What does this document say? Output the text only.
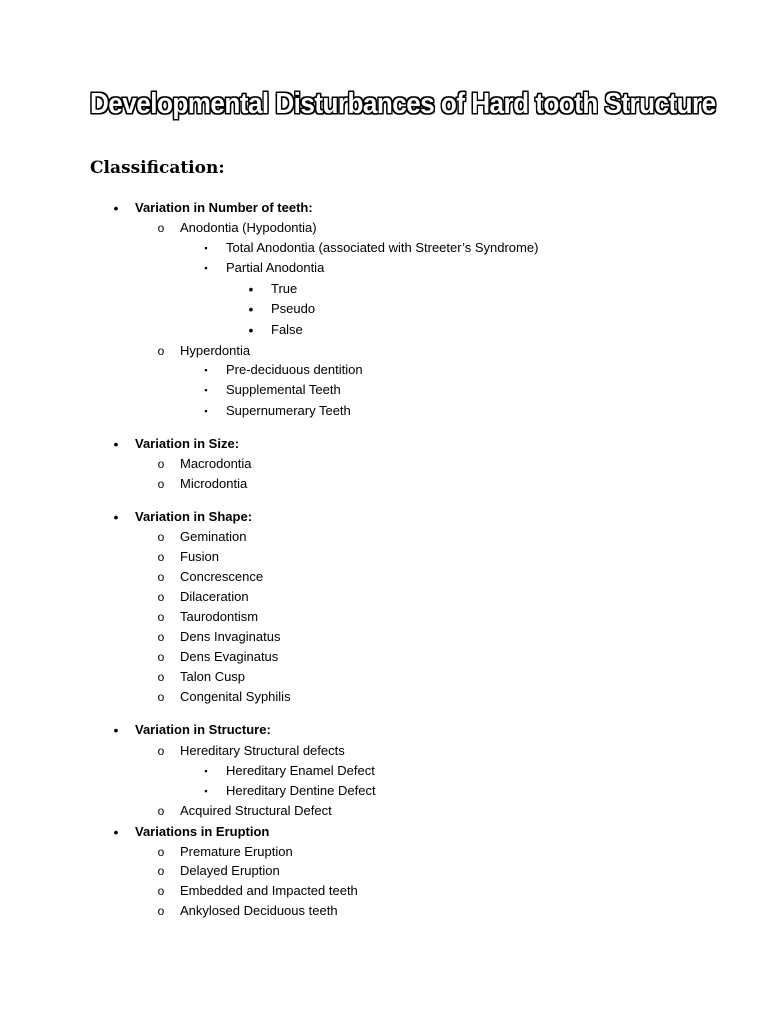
Developmental Disturbances of Hard tooth Structure
Classification:
•	Variation in Number of teeth:
o	Anodontia (Hypodontia)
▪	Total Anodontia (associated with Streeter’s Syndrome)
▪	Partial Anodontia
•	True
•	Pseudo
•	False
o	Hyperdontia
▪	Pre-deciduous dentition
▪	Supplemental Teeth
▪	Supernumerary Teeth
•	Variation in Size:
o	Macrodontia
o	Microdontia
•	Variation in Shape:
o	Gemination
o	Fusion
o	Concrescence
o	Dilaceration
o	Taurodontism
o	Dens Invaginatus
o	Dens Evaginatus
o	Talon Cusp
o	Congenital Syphilis
•	Variation in Structure:
o	Hereditary Structural defects
▪	Hereditary Enamel Defect
▪	Hereditary Dentine Defect
o	Acquired Structural Defect
•	Variations in Eruption
o	Premature Eruption
o	Delayed Eruption
o	Embedded and Impacted teeth
o	Ankylosed Deciduous teeth
